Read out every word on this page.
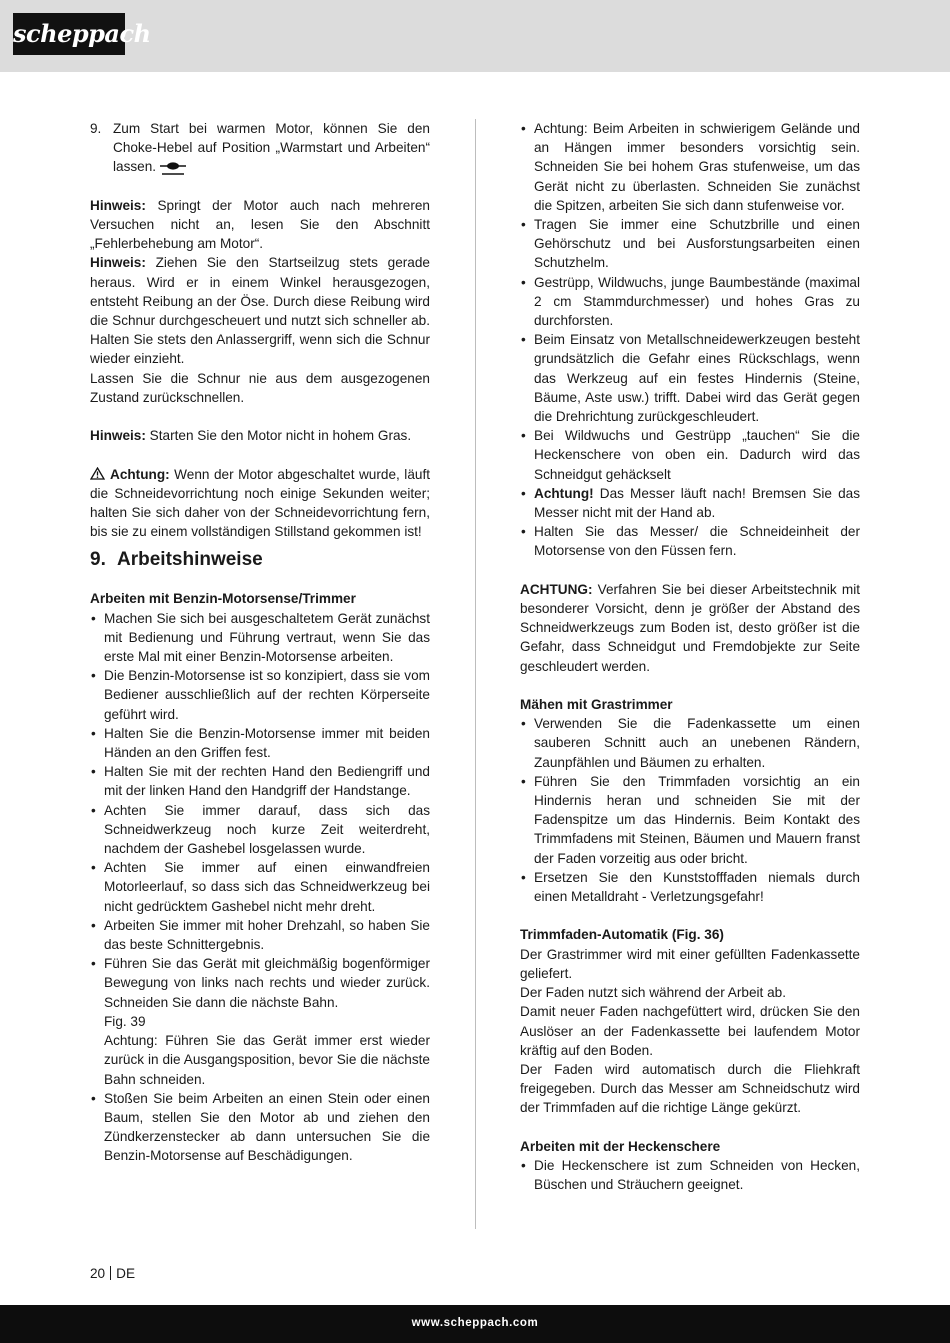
scheppach
9. Zum Start bei warmen Motor, können Sie den Choke-Hebel auf Position „Warmstart und Arbeiten“ lassen.

Hinweis: Springt der Motor auch nach mehreren Versuchen nicht an, lesen Sie den Abschnitt „Fehlerbehebung am Motor“.

Hinweis: Ziehen Sie den Startseilzug stets gerade heraus. Wird er in einem Winkel herausgezogen, entsteht Reibung an der Öse. Durch diese Reibung wird die Schnur durchgescheuert und nutzt sich schneller ab. Halten Sie stets den Anlassergriff, wenn sich die Schnur wieder einzieht.

Lassen Sie die Schnur nie aus dem ausgezogenen Zustand zurückschnellen.

Hinweis: Starten Sie den Motor nicht in hohem Gras.

Achtung: Wenn der Motor abgeschaltet wurde, läuft die Schneidevorrichtung noch einige Sekunden weiter; halten Sie sich daher von der Schneidevorrichtung fern, bis sie zu einem vollständigen Stillstand gekommen ist!

9. Arbeitshinweise
Arbeiten mit Benzin-Motorsense/Trimmer
• Machen Sie sich bei ausgeschaltetem Gerät zunächst mit Bedienung und Führung vertraut, wenn Sie das erste Mal mit einer Benzin-Motorsense arbeiten.
• Die Benzin-Motorsense ist so konzipiert, dass sie vom Bediener ausschließlich auf der rechten Körperseite geführt wird.
• Halten Sie die Benzin-Motorsense immer mit beiden Händen an den Griffen fest.
• Halten Sie mit der rechten Hand den Bediengriff und mit der linken Hand den Handgriff der Handstange.
• Achten Sie immer darauf, dass sich das Schneidwerkzeug noch kurze Zeit weiterdreht, nachdem der Gashebel losgelassen wurde.
• Achten Sie immer auf einen einwandfreien Motorleerlauf, so dass sich das Schneidwerkzeug bei nicht gedrücktem Gashebel nicht mehr dreht.
• Arbeiten Sie immer mit hoher Drehzahl, so haben Sie das beste Schnittergebnis.
• Führen Sie das Gerät mit gleichmäßig bogenförmiger Bewegung von links nach rechts und wieder zurück. Schneiden Sie dann die nächste Bahn.
Fig. 39
Achtung: Führen Sie das Gerät immer erst wieder zurück in die Ausgangsposition, bevor Sie die nächste Bahn schneiden.
• Stoßen Sie beim Arbeiten an einen Stein oder einen Baum, stellen Sie den Motor ab und ziehen den Zündkerzenstecker ab dann untersuchen Sie die Benzin-Motorsense auf Beschädigungen.
• Achtung: Beim Arbeiten in schwierigem Gelände und an Hängen immer besonders vorsichtig sein. Schneiden Sie bei hohem Gras stufenweise, um das Gerät nicht zu überlasten. Schneiden Sie zunächst die Spitzen, arbeiten Sie sich dann stufenweise vor.
• Tragen Sie immer eine Schutzbrille und einen Gehörschutz und bei Ausforstungsarbeiten einen Schutzhelm.
• Gestrüpp, Wildwuchs, junge Baumbestände (maximal 2 cm Stammdurchmesser) und hohes Gras zu durchforsten.
• Beim Einsatz von Metallschneidewerkzeugen besteht grundsätzlich die Gefahr eines Rückschlags, wenn das Werkzeug auf ein festes Hindernis (Steine, Bäume, Aste usw.) trifft. Dabei wird das Gerät gegen die Drehrichtung zurückgeschleudert.
• Bei Wildwuchs und Gestrüpp „tauchen“ Sie die Heckenschere von oben ein. Dadurch wird das Schneidgut gehäckselt
• Achtung! Das Messer läuft nach! Bremsen Sie das Messer nicht mit der Hand ab.
• Halten Sie das Messer/ die Schneideinheit der Motorsense von den Füssen fern.

ACHTUNG: Verfahren Sie bei dieser Arbeitstechnik mit besonderer Vorsicht, denn je größer der Abstand des Schneidwerkzeugs zum Boden ist, desto größer ist die Gefahr, dass Schneidgut und Fremdobjekte zur Seite geschleudert werden.

Mähen mit Grastrimmer
• Verwenden Sie die Fadenkassette um einen sauberen Schnitt auch an unebenen Rändern, Zaunpfählen und Bäumen zu erhalten.
• Führen Sie den Trimmfaden vorsichtig an ein Hindernis heran und schneiden Sie mit der Fadenspitze um das Hindernis. Beim Kontakt des Trimmfadens mit Steinen, Bäumen und Mauern franst der Faden vorzeitig aus oder bricht.
• Ersetzen Sie den Kunststofffaden niemals durch einen Metalldraht - Verletzungsgefahr!
Trimmfaden-Automatik (Fig. 36)

Der Grastrimmer wird mit einer gefüllten Fadenkassette geliefert.

Der Faden nutzt sich während der Arbeit ab.

Damit neuer Faden nachgefüttert wird, drücken Sie den Auslöser an der Fadenkassette bei laufendem Motor kräftig auf den Boden.

Der Faden wird automatisch durch die Fliehkraft freigegeben. Durch das Messer am Schneidschutz wird der Trimmfaden auf die richtige Länge gekürzt.

Arbeiten mit der Heckenschere
• Die Heckenschere ist zum Schneiden von Hecken, Büschen und Sträuchern geeignet.
20 DE
www.scheppach.com
